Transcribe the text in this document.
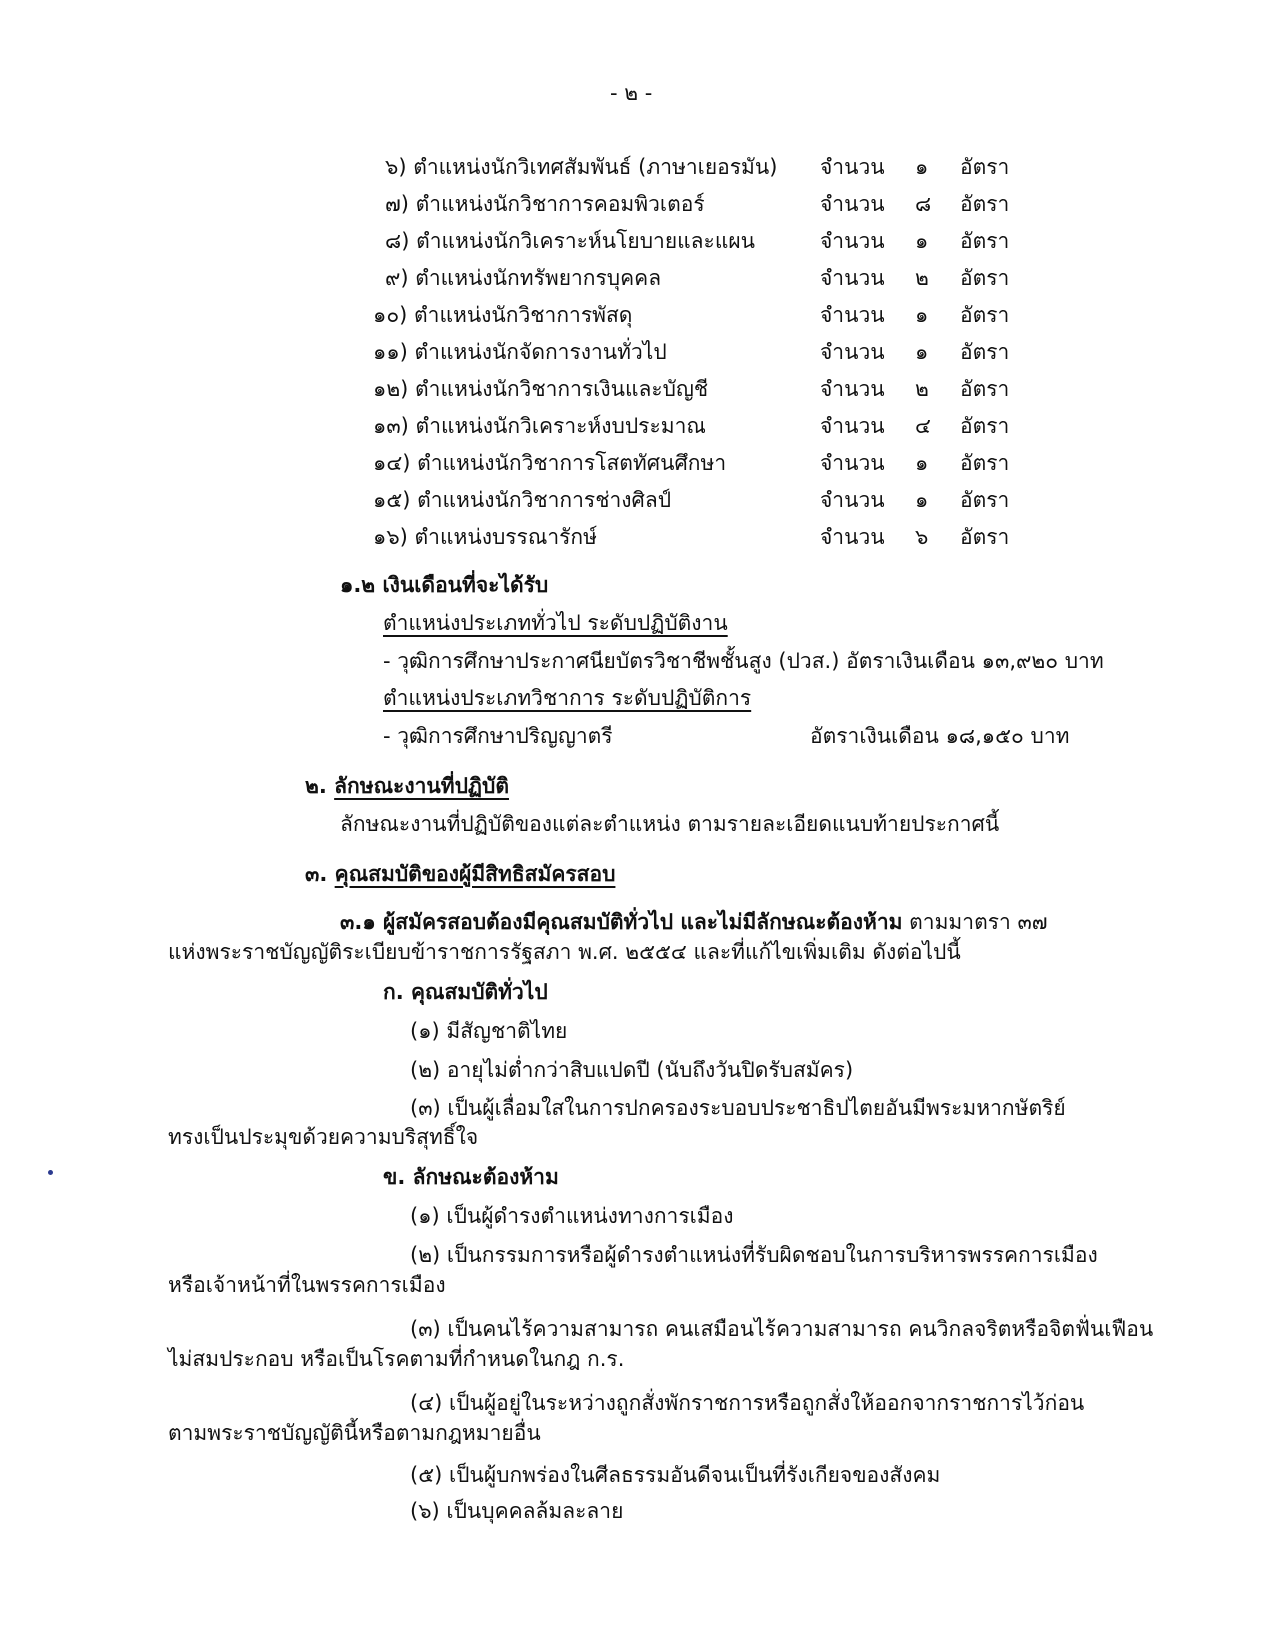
- ๒ -
๖) ตำแหน่งนักวิเทศสัมพันธ์ (ภาษาเยอรมัน) จำนวน ๑ อัตรา
๗) ตำแหน่งนักวิชาการคอมพิวเตอร์	จำนวน ๘ อัตรา
๘) ตำแหน่งนักวิเคราะห์นโยบายและแผน	จำนวน ๑ อัตรา
๙) ตำแหน่งนักทรัพยากรบุคคล	จำนวน ๒ อัตรา
๑๐) ตำแหน่งนักวิชาการพัสดุ	จำนวน ๑ อัตรา
๑๑) ตำแหน่งนักจัดการงานทั่วไป	จำนวน ๑ อัตรา
๑๒) ตำแหน่งนักวิชาการเงินและบัญชี	จำนวน ๒ อัตรา
๑๓) ตำแหน่งนักวิเคราะห์งบประมาณ	จำนวน ๔ อัตรา
๑๔) ตำแหน่งนักวิชาการโสตทัศนศึกษา	จำนวน ๑ อัตรา
๑๕) ตำแหน่งนักวิชาการช่างศิลป์	จำนวน ๑ อัตรา
๑๖) ตำแหน่งบรรณารักษ์	จำนวน ๖ อัตรา
๑.๒ เงินเดือนที่จะได้รับ
ตำแหน่งประเภททั่วไป ระดับปฏิบัติงาน
- วุฒิการศึกษาประกาศนียบัตรวิชาชีพชั้นสูง (ปวส.) อัตราเงินเดือน ๑๓,๙๒๐ บาท
ตำแหน่งประเภทวิชาการ ระดับปฏิบัติการ
- วุฒิการศึกษาปริญญาตรี	อัตราเงินเดือน ๑๘,๑๕๐ บาท
๒. ลักษณะงานที่ปฏิบัติ
ลักษณะงานที่ปฏิบัติของแต่ละตำแหน่ง ตามรายละเอียดแนบท้ายประกาศนี้
๓. คุณสมบัติของผู้มีสิทธิสมัครสอบ
๓.๑ ผู้สมัครสอบต้องมีคุณสมบัติทั่วไป และไม่มีลักษณะต้องห้าม ตามมาตรา ๓๗
แห่งพระราชบัญญัติระเบียบข้าราชการรัฐสภา พ.ศ. ๒๕๕๔ และที่แก้ไขเพิ่มเติม ดังต่อไปนี้
ก. คุณสมบัติทั่วไป
(๑) มีสัญชาติไทย
(๒) อายุไม่ต่ำกว่าสิบแปดปี (นับถึงวันปิดรับสมัคร)
(๓) เป็นผู้เลื่อมใสในการปกครองระบอบประชาธิปไตยอันมีพระมหากษัตริย์
ทรงเป็นประมุขด้วยความบริสุทธิ์ใจ
ข. ลักษณะต้องห้าม
(๑) เป็นผู้ดำรงตำแหน่งทางการเมือง
(๒) เป็นกรรมการหรือผู้ดำรงตำแหน่งที่รับผิดชอบในการบริหารพรรคการเมือง
หรือเจ้าหน้าที่ในพรรคการเมือง
(๓) เป็นคนไร้ความสามารถ คนเสมือนไร้ความสามารถ คนวิกลจริตหรือจิตฟั่นเฟือน
ไม่สมประกอบ หรือเป็นโรคตามที่กำหนดในกฎ ก.ร.
(๔) เป็นผู้อยู่ในระหว่างถูกสั่งพักราชการหรือถูกสั่งให้ออกจากราชการไว้ก่อน
ตามพระราชบัญญัตินี้หรือตามกฎหมายอื่น
(๕) เป็นผู้บกพร่องในศีลธรรมอันดีจนเป็นที่รังเกียจของสังคม
(๖) เป็นบุคคลล้มละลาย
